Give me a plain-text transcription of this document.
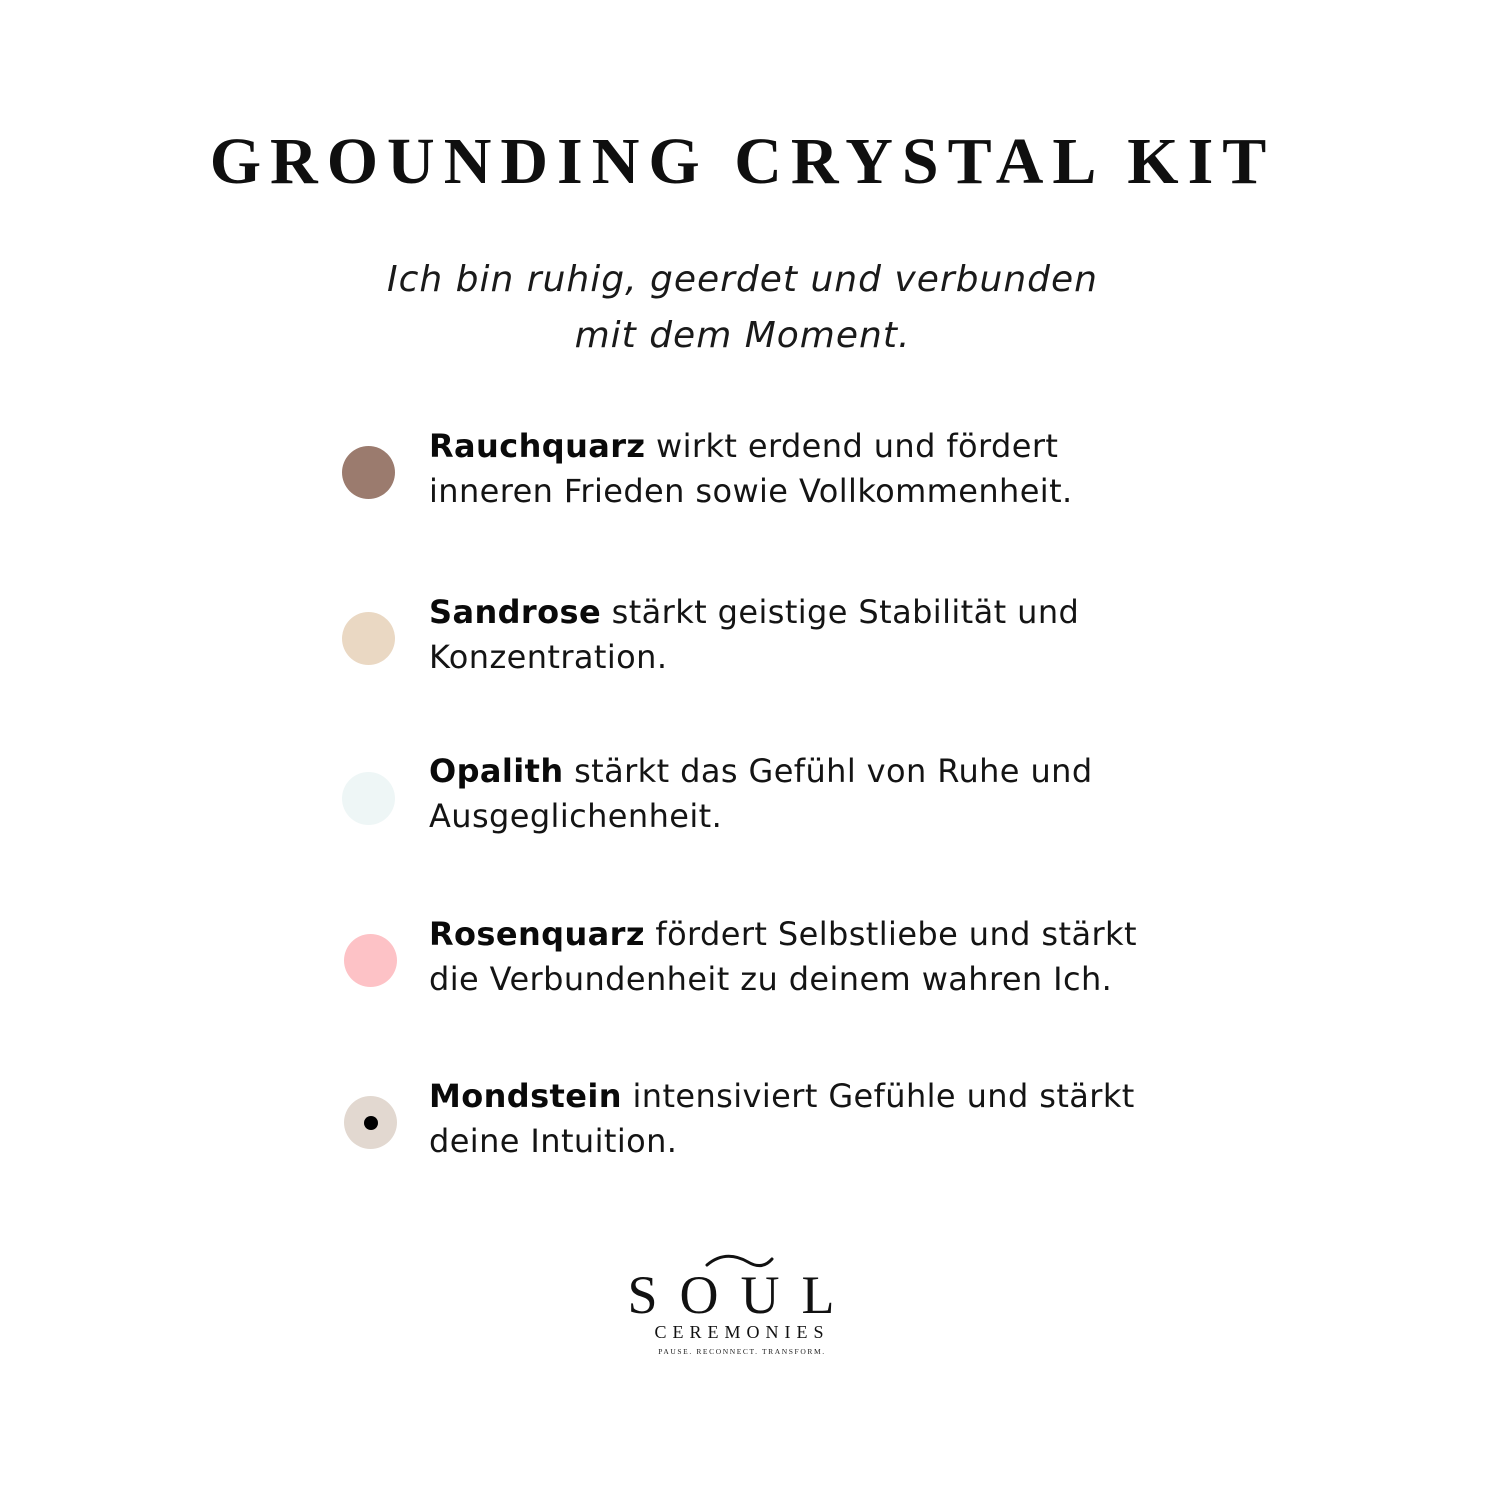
GROUNDING CRYSTAL KIT
Ich bin ruhig, geerdet und verbunden
mit dem Moment.
Rauchquarz wirkt erdend und fördert inneren Frieden sowie Vollkommenheit.
Sandrose stärkt geistige Stabilität und Konzentration.
Opalith stärkt das Gefühl von Ruhe und Ausgeglichenheit.
Rosenquarz fördert Selbstliebe und stärkt die Verbundenheit zu deinem wahren Ich.
Mondstein intensiviert Gefühle und stärkt deine Intuition.
SOUL
CEREMONIES
PAUSE. RECONNECT. TRANSFORM.
